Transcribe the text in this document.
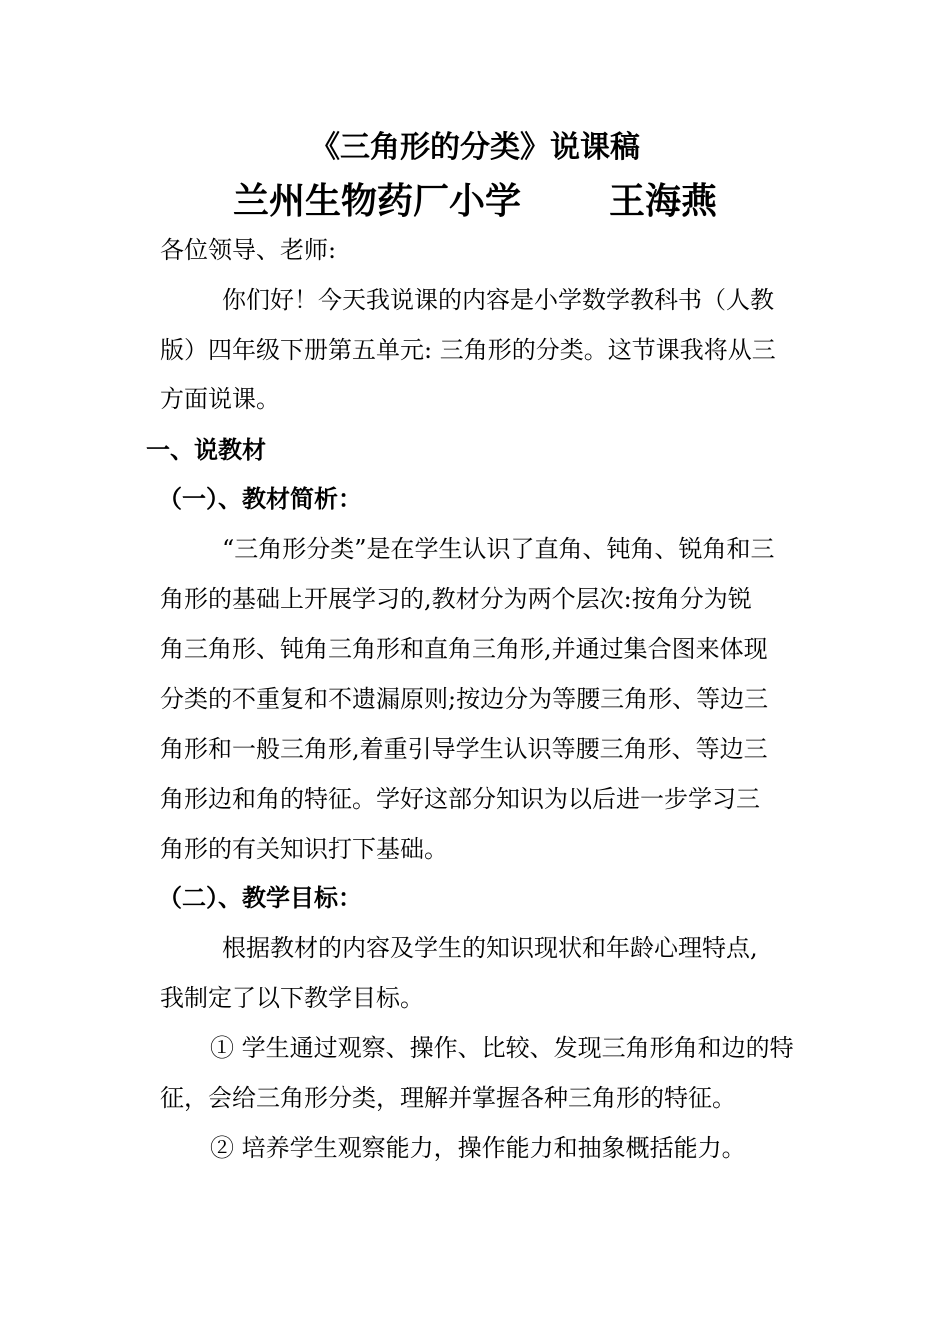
《三角形的分类》说课稿
兰州生物药厂小学 王海燕
各位领导、老师:
你们好！今天我说课的内容是小学数学教科书（人教
版）四年级下册第五单元: 三角形的分类。这节课我将从三
方面说课。
一、说教材
（一）、教材简析：
“三角形分类”是在学生认识了直角、钝角、锐角和三
角形的基础上开展学习的,教材分为两个层次:按角分为锐
角三角形、钝角三角形和直角三角形,并通过集合图来体现
分类的不重复和不遗漏原则;按边分为等腰三角形、等边三
角形和一般三角形,着重引导学生认识等腰三角形、等边三
角形边和角的特征。学好这部分知识为以后进一步学习三
角形的有关知识打下基础。
（二）、教学目标：
根据教材的内容及学生的知识现状和年龄心理特点,
我制定了以下教学目标。
① 学生通过观察、操作、比较、发现三角形角和边的特
征，会给三角形分类，理解并掌握各种三角形的特征。
② 培养学生观察能力，操作能力和抽象概括能力。
